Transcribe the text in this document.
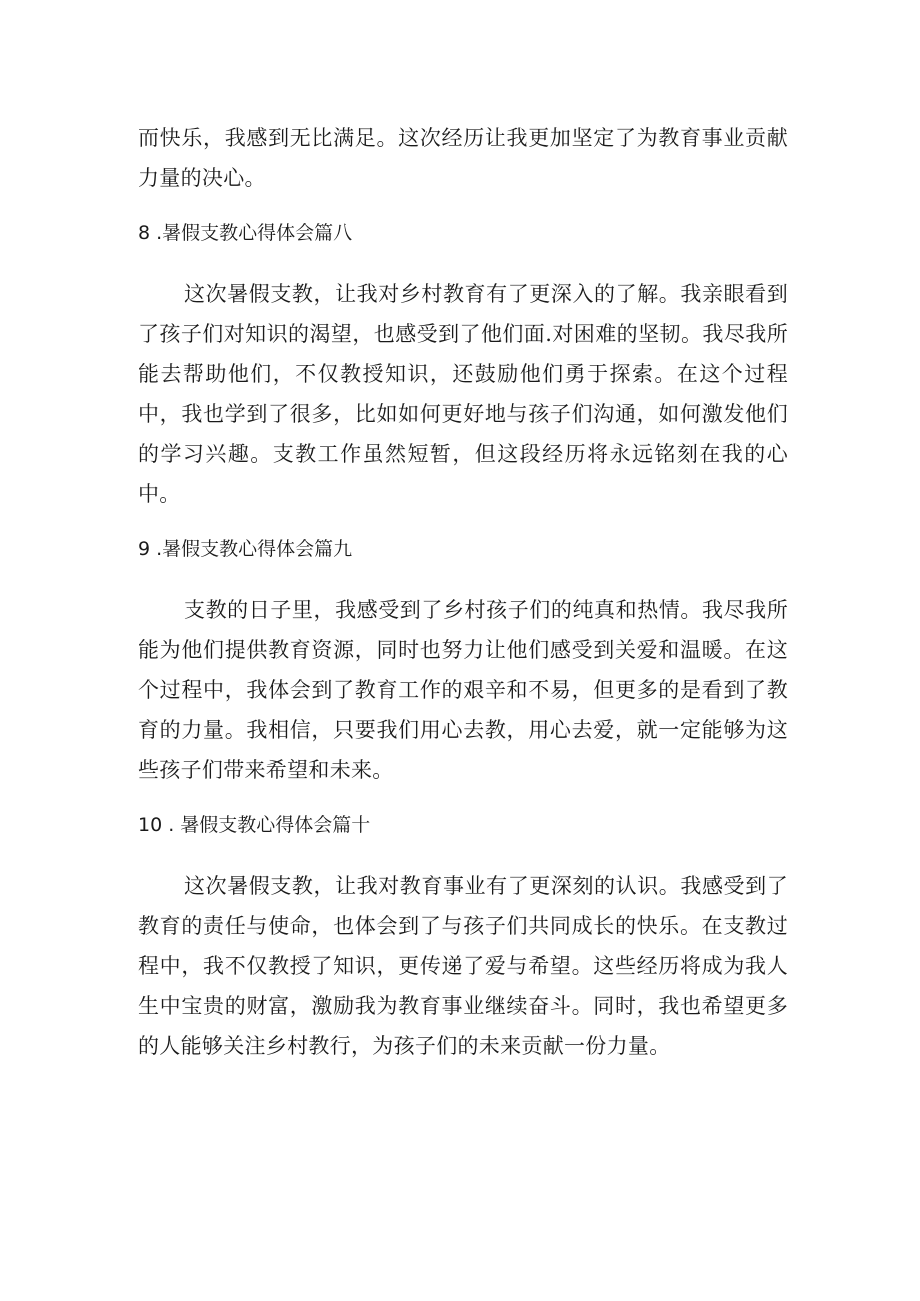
而快乐，我感到无比满足。这次经历让我更加坚定了为教育事业贡献力量的决心。

8 .暑假支教心得体会篇八

这次暑假支教，让我对乡村教育有了更深入的了解。我亲眼看到了孩子们对知识的渴望，也感受到了他们面.对困难的坚韧。我尽我所能去帮助他们，不仅教授知识，还鼓励他们勇于探索。在这个过程中，我也学到了很多，比如如何更好地与孩子们沟通，如何激发他们的学习兴趣。支教工作虽然短暂，但这段经历将永远铭刻在我的心中。

9 .暑假支教心得体会篇九

支教的日子里，我感受到了乡村孩子们的纯真和热情。我尽我所能为他们提供教育资源，同时也努力让他们感受到关爱和温暖。在这个过程中，我体会到了教育工作的艰辛和不易，但更多的是看到了教育的力量。我相信，只要我们用心去教，用心去爱，就一定能够为这些孩子们带来希望和未来。

10 . 暑假支教心得体会篇十

这次暑假支教，让我对教育事业有了更深刻的认识。我感受到了教育的责任与使命，也体会到了与孩子们共同成长的快乐。在支教过程中，我不仅教授了知识，更传递了爱与希望。这些经历将成为我人生中宝贵的财富，激励我为教育事业继续奋斗。同时，我也希望更多的人能够关注乡村教行，为孩子们的未来贡献一份力量。
